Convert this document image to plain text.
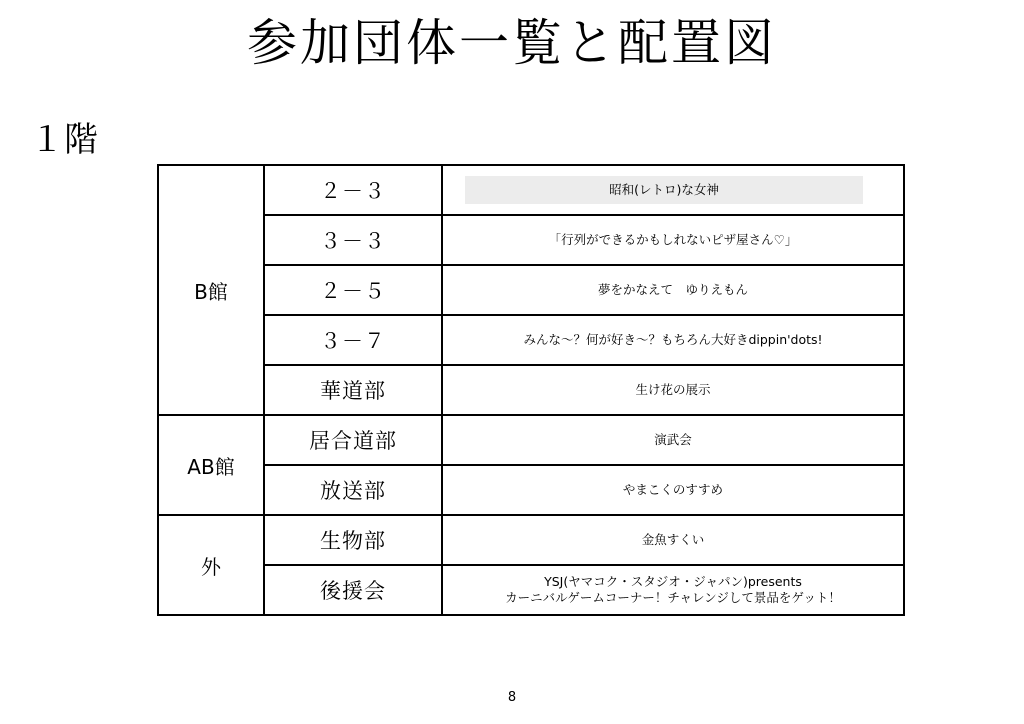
参加団体一覧と配置図
１階
B館	２－３	昭和(レトロ)な女神

	３－３	「行列ができるかもしれないピザ屋さん♡」
	２－５	夢をかなえて　ゆりえもん
	３－７	みんな～？何が好き～？もちろん大好きdippin'dots!
	華道部	生け花の展示
AB館	居合道部	演武会
	放送部	やまこくのすすめ
外	生物部	金魚すくい
	後援会	YSJ(ヤマコク・スタジオ・ジャパン)presents
カーニバルゲームコーナー！チャレンジして景品をゲット！
8
